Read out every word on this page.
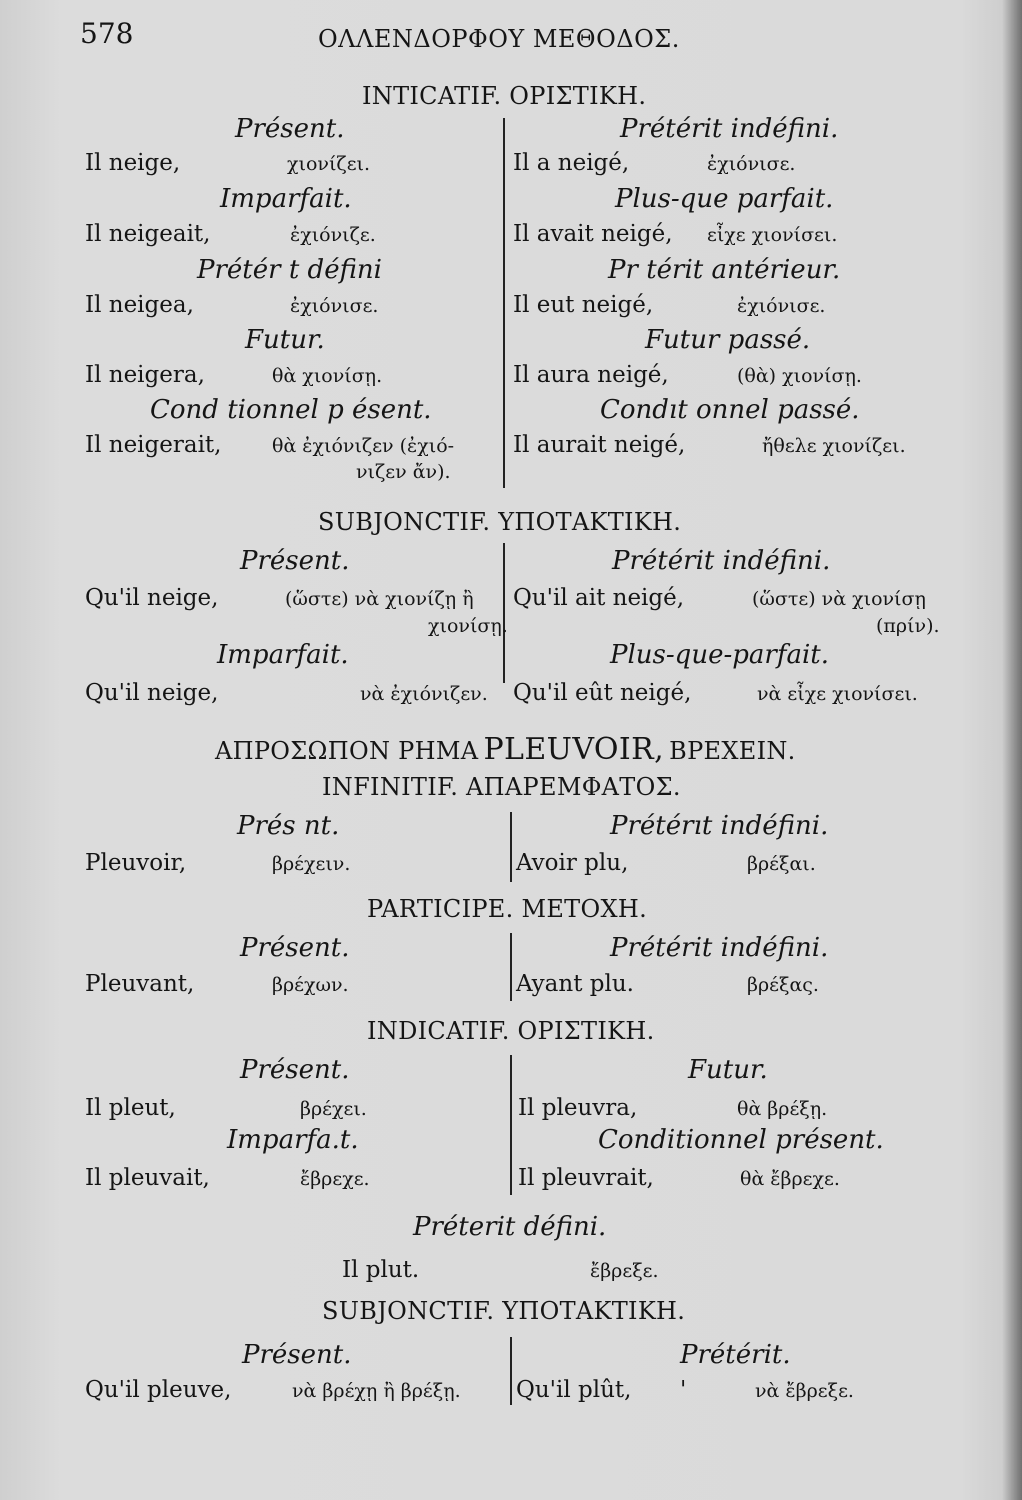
578	ΟΛΛΕΝΔΟΡΦΟΥ ΜΕΘΟΔΟΣ.
INTICATIF. ΟΡΙΣΤΙΚΗ.
Présent.
Il neige,	χιονίζει.
Imparfait.
Il neigeait,	ἐχιόνιζε.
Prétér t défini
Il neigea,	ἐχιόνισε.
Futur.
Il neigera,	θὰ χιονίσῃ.
Cond tionnel p ésent.
Il neigerait,	θὰ ἐχιόνιζεν (ἐχιό-
νιζεν ἄν).
Prétérit indéfini.
Il a neigé,	ἐχιόνισε.
Plus-que parfait.
Il avait neigé, εἶχε χιονίσει.
Pr térit antérieur.
Il eut neigé,	ἐχιόνισε.
Futur passé.
Il aura neigé,	(θὰ) χιονίσῃ.
Condıt onnel passé.
Il aurait neigé,	ἤθελε χιονίζει.
SUBJONCTIF. ΥΠΟΤΑΚΤΙΚΗ.
Présent.
Qu'il neige,	(ὥστε) νὰ χιονίζῃ ἢ
χιονίσῃ.
Imparfait.
Qu'il neige,	νὰ ἐχιόνιζεν.
Prétérit indéfini.
Qu'il ait neigé,	(ὥστε) νὰ χιονίσῃ
(πρίν).
Plus-que-parfait.
Qu'il eût neigé,	νὰ εἶχε χιονίσει.
ΑΠΡΟΣΩΠΟΝ ΡΗΜΑ PLEUVOIR, ΒΡΕΧΕΙΝ.
INFINITIF. ΑΠΑΡΕΜΦΑΤΟΣ.
Prés nt.
Pleuvoir,	βρέχειν.
Prétérıt indéfini.
Avoir plu,	βρέξαι.
PARTICIPE. ΜΕΤΟΧΗ.
Présent.
Pleuvant,	βρέχων.
Prétérit indéfini.
Ayant plu.	βρέξας.
INDICATIF. ΟΡΙΣΤΙΚΗ.
Présent.
Il pleut,	βρέχει.
Imparfa.t.
Il pleuvait,	ἔβρεχε.
Futur.
Il pleuvra,	θὰ βρέξῃ.
Conditionnel présent.
Il pleuvrait,	θὰ ἔβρεχε.
Préterit défini.
Il plut.	ἔβρεξε.
SUBJONCTIF. ΥΠΟΤΑΚΤΙΚΗ.
Présent.
Qu'il pleuve,	νὰ βρέχῃ ἢ βρέξῃ.
Prétérit.
Qu'il plût, '	νὰ ἔβρεξε.
